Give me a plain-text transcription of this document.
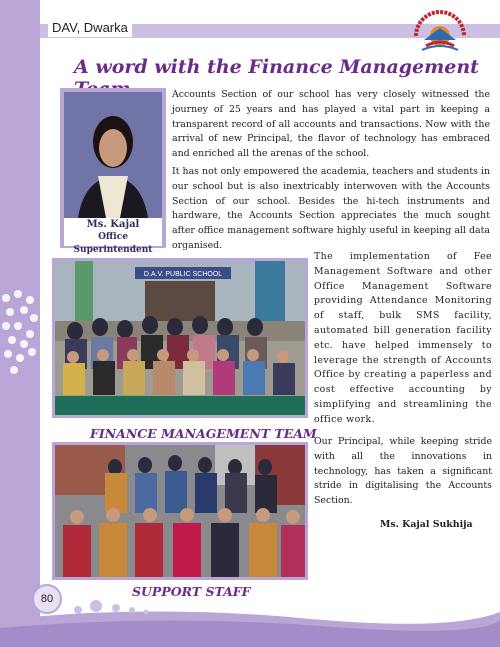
DAV, Dwarka
A word with the Finance Management
Ms. Kajal
Office Superintendent
Accounts Section of our school has very closely witnessed the journey of 25 years and has played a vital part in keeping a transparent record of all accounts and transactions. Now with the arrival of new Principal, the flavor of technology has embraced and enriched all the arenas of the school.
It has not only empowered the academia, teachers and students in our school but is also inextricably interwoven with the Accounts Section of our school. Besides the hi-tech instruments and hardware, the Accounts Section appreciates the much sought after office management software highly useful in keeping all data organised.
D.A.V. PUBLIC SCHOOL
FINANCE MANAGEMENT TEAM
The implementation of Fee Management Software and other Office Management Software providing Attendance Monitoring of staff, bulk SMS facility, automated bill generation facility etc. have helped immensely to leverage the strength of Accounts Office by creating a paperless and cost effective accounting by simplifying and streamlining the office work.
Our Principal, while keeping stride with all the innovations in technology, has taken a significant stride in digitalising the Accounts Section.
Ms. Kajal Sukhija
SUPPORT STAFF
80
